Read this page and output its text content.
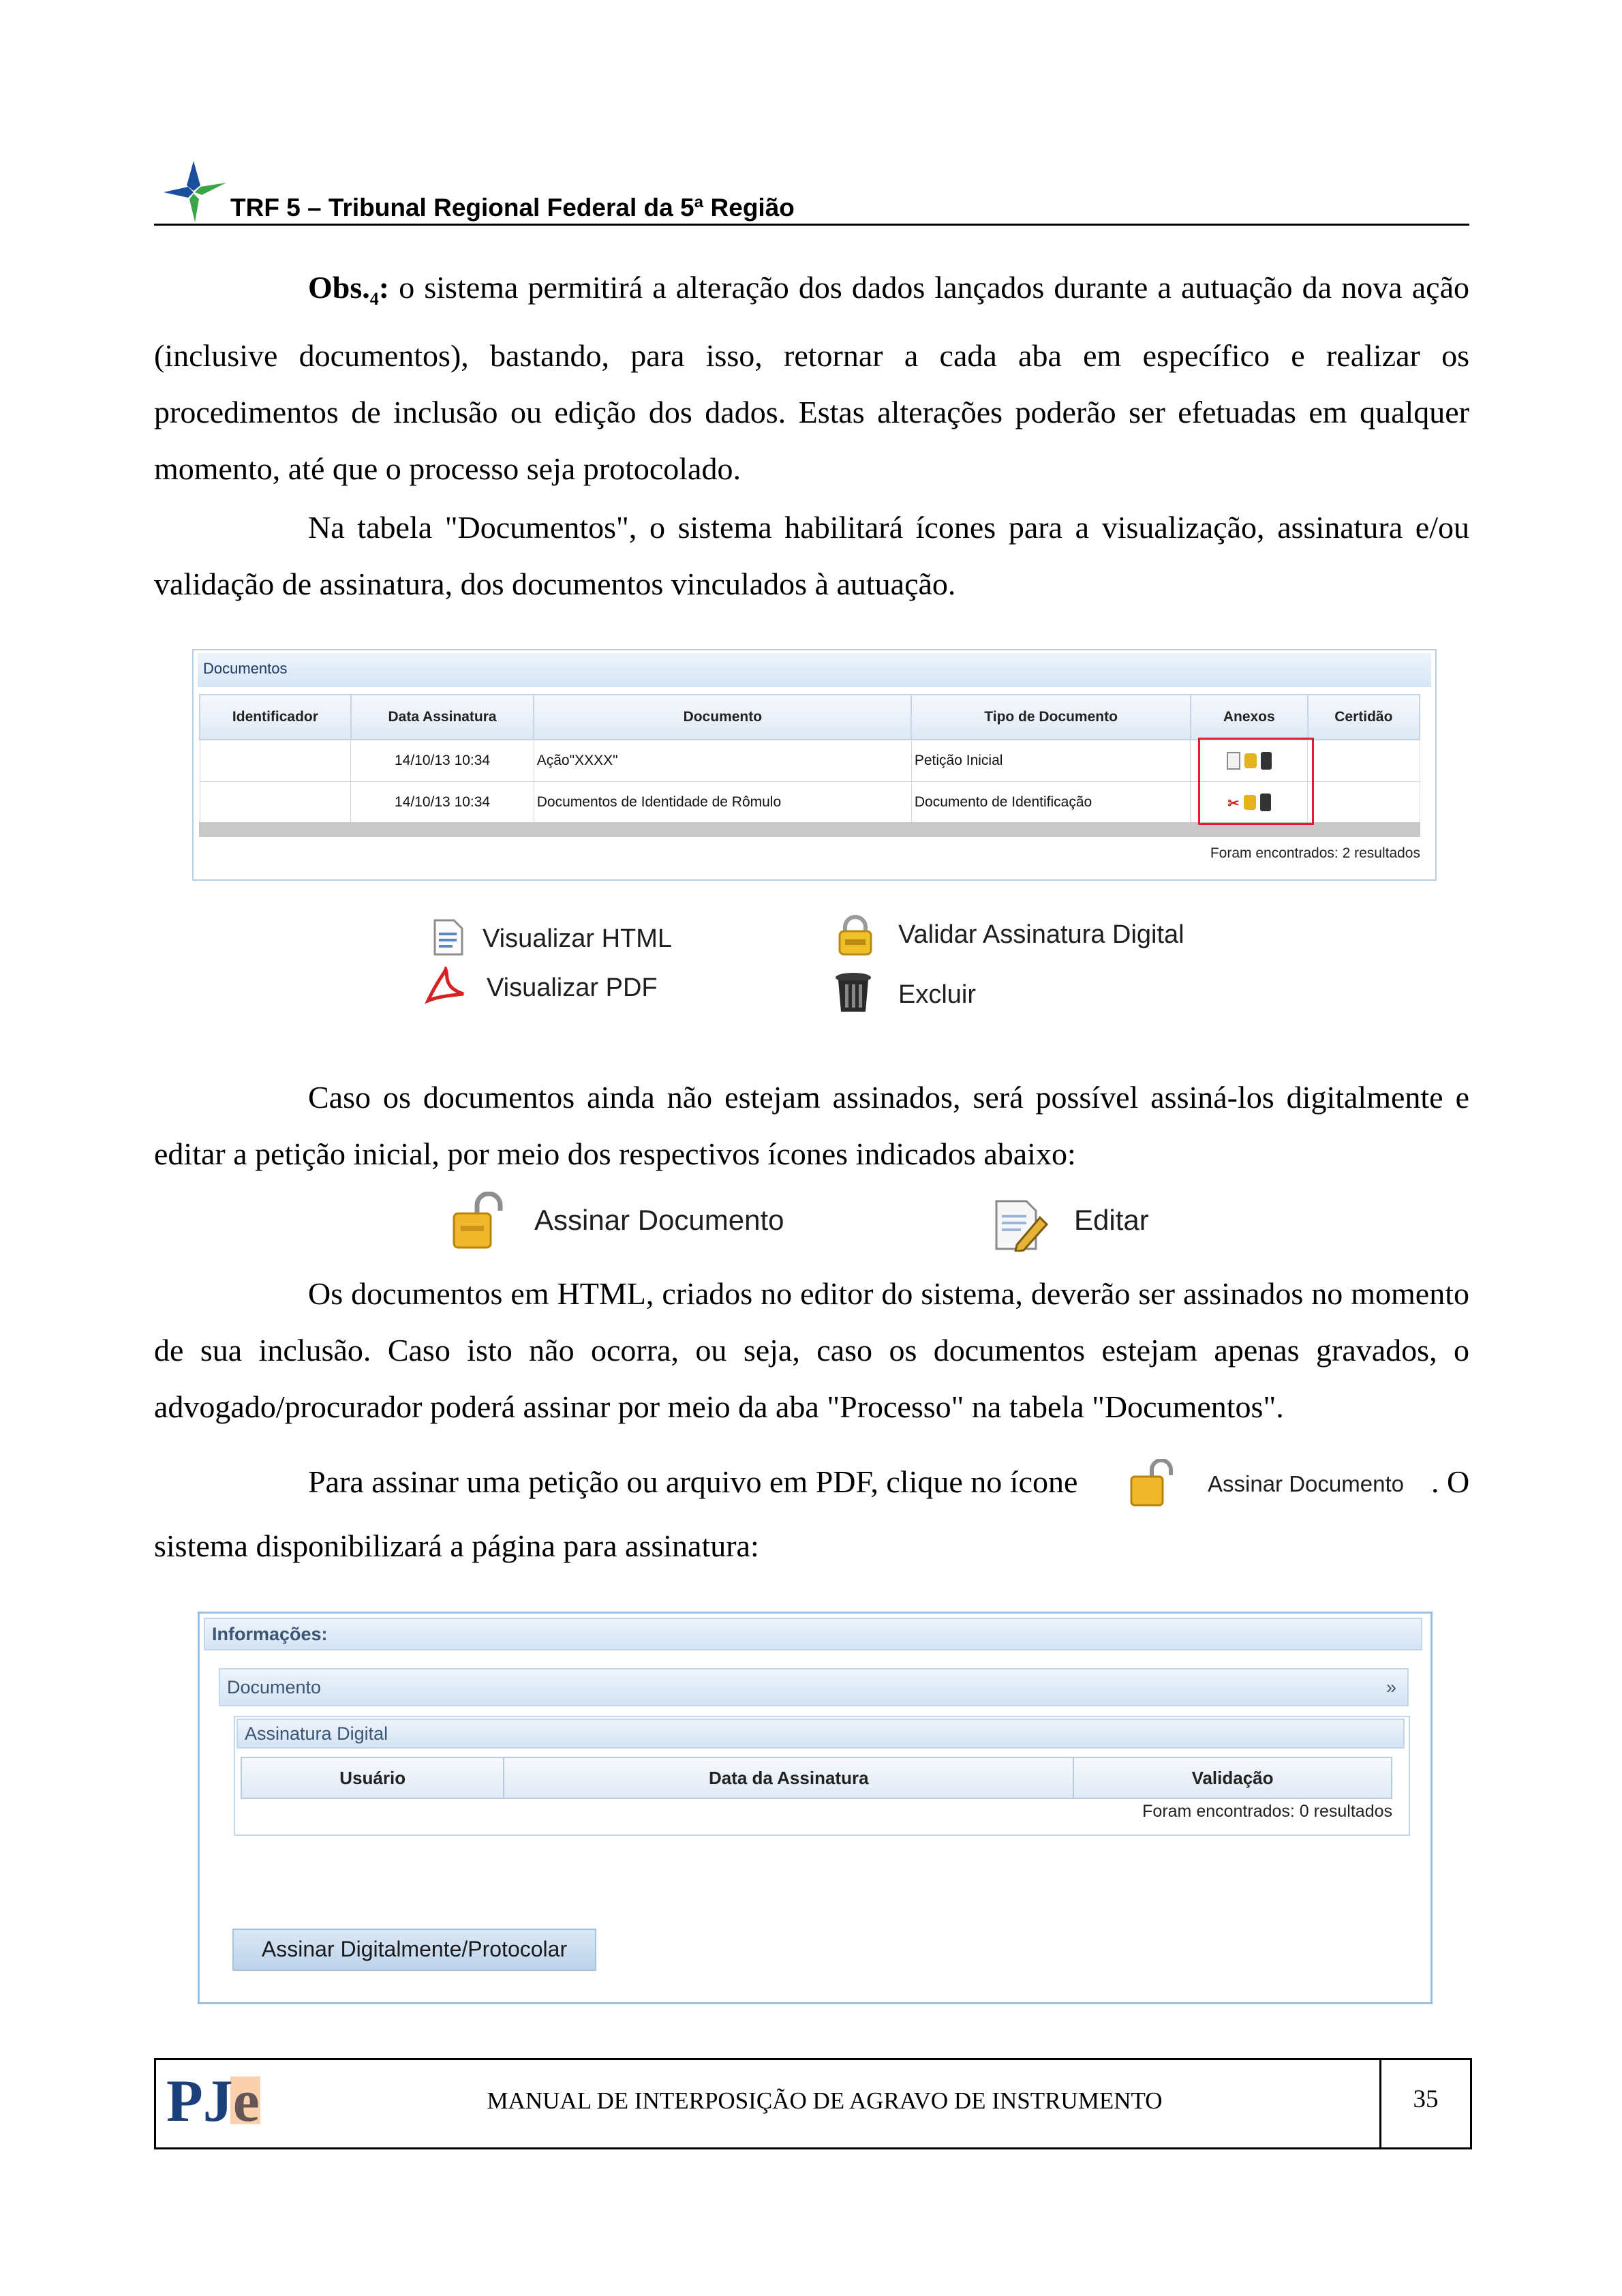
TRF 5 – Tribunal Regional Federal da 5ª Região
$Obs._4$: o sistema permitirá a alteração dos dados lançados durante a autuação da nova ação (inclusive documentos), bastando, para isso, retornar a cada aba em específico e realizar os procedimentos de inclusão ou edição dos dados. Estas alterações poderão ser efetuadas em qualquer momento, até que o processo seja protocolado.
Na tabela "Documentos", o sistema habilitará ícones para a visualização, assinatura e/ou validação de assinatura, dos documentos vinculados à autuação.
Documentos
Identificador	Data Assinatura	Documento	Tipo de Documento	Anexos	Certidão
	14/10/13 10:34	Ação"XXXX"	Petição Inicial		
	14/10/13 10:34	Documentos de Identidade de Rômulo	Documento de Identificação	✂	
Foram encontrados: 2 resultados
Visualizar HTML
Visualizar PDF
Validar Assinatura Digital
Excluir
Caso os documentos ainda não estejam assinados, será possível assiná-los digitalmente e editar a petição inicial, por meio dos respectivos ícones indicados abaixo:
Assinar Documento	Editar
Os documentos em HTML, criados no editor do sistema, deverão ser assinados no momento de sua inclusão. Caso isto não ocorra, ou seja, caso os documentos estejam apenas gravados, o advogado/procurador poderá assinar por meio da aba "Processo" na tabela "Documentos".
Para assinar uma petição ou arquivo em PDF, clique no ícone	Assinar Documento . O
sistema disponibilizará a página para assinatura:
Informações:
Documento	»
Assinatura Digital
Usuário	Data da Assinatura	Validação
Foram encontrados: 0 resultados
Assinar Digitalmente/Protocolar
PJe	MANUAL DE INTERPOSIÇÃO DE AGRAVO DE INSTRUMENTO	35
